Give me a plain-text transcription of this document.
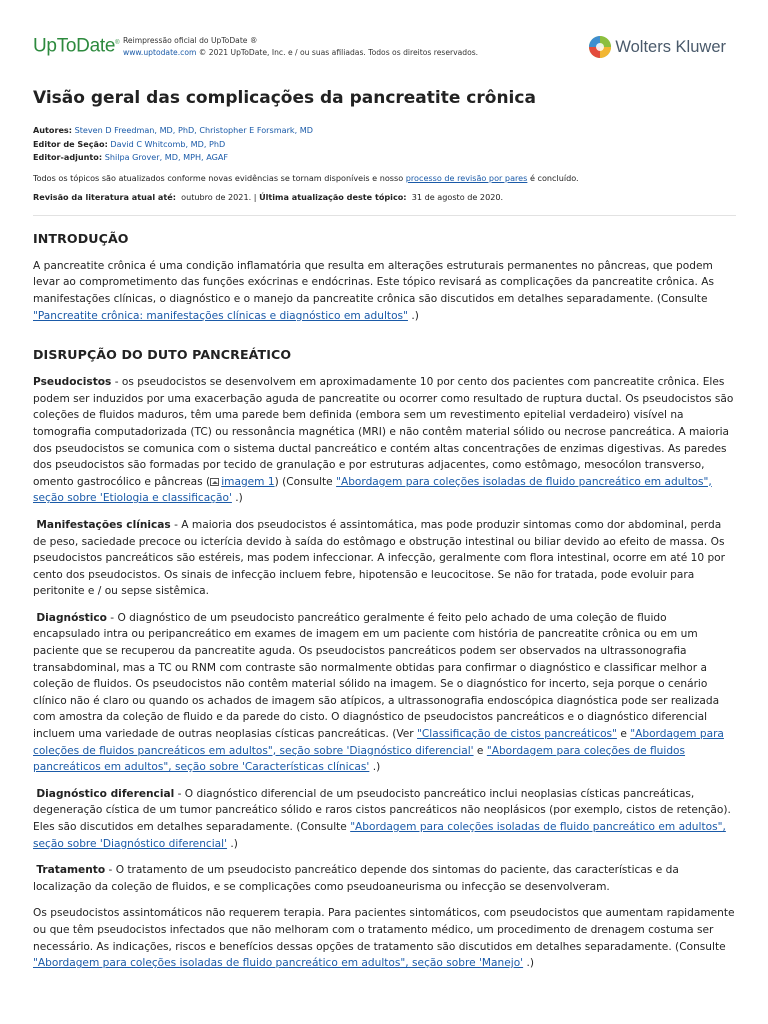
UpToDate® Reimpressão oficial do UpToDate ®
www.uptodate.com © 2021 UpToDate, Inc. e / ou suas afiliadas. Todos os direitos reservados.	Wolters Kluwer
Visão geral das complicações da pancreatite crônica
Autores: Steven D Freedman, MD, PhD, Christopher E Forsmark, MD
Editor de Seção: David C Whitcomb, MD, PhD
Editor-adjunto: Shilpa Grover, MD, MPH, AGAF
Todos os tópicos são atualizados conforme novas evidências se tornam disponíveis e nosso processo de revisão por pares é concluído.
Revisão da literatura atual até: outubro de 2021. | Última atualização deste tópico: 31 de agosto de 2020.
INTRODUÇÃO

A pancreatite crônica é uma condição inflamatória que resulta em alterações estruturais permanentes no pâncreas, que podem levar ao comprometimento das funções exócrinas e endócrinas. Este tópico revisará as complicações da pancreatite crônica. As manifestações clínicas, o diagnóstico e o manejo da pancreatite crônica são discutidos em detalhes separadamente. (Consulte "Pancreatite crônica: manifestações clínicas e diagnóstico em adultos" .)

DISRUPÇÃO DO DUTO PANCREÁTICO

Pseudocistos - os pseudocistos se desenvolvem em aproximadamente 10 por cento dos pacientes com pancreatite crônica. Eles podem ser induzidos por uma exacerbação aguda de pancreatite ou ocorrer como resultado de ruptura ductal. Os pseudocistos são coleções de fluidos maduros, têm uma parede bem definida (embora sem um revestimento epitelial verdadeiro) visível na tomografia computadorizada (TC) ou ressonância magnética (MRI) e não contêm material sólido ou necrose pancreática. A maioria dos pseudocistos se comunica com o sistema ductal pancreático e contém altas concentrações de enzimas digestivas. As paredes dos pseudocistos são formadas por tecido de granulação e por estruturas adjacentes, como estômago, mesocólon transverso, omento gastrocólico e pâncreas ( imagem 1) (Consulte "Abordagem para coleções isoladas de fluido pancreático em adultos", seção sobre 'Etiologia e classificação' .)

Manifestações clínicas - A maioria dos pseudocistos é assintomática, mas pode produzir sintomas como dor abdominal, perda de peso, saciedade precoce ou icterícia devido à saída do estômago e obstrução intestinal ou biliar devido ao efeito de massa. Os pseudocistos pancreáticos são estéreis, mas podem infeccionar. A infecção, geralmente com flora intestinal, ocorre em até 10 por cento dos pseudocistos. Os sinais de infecção incluem febre, hipotensão e leucocitose. Se não for tratada, pode evoluir para peritonite e / ou sepse sistêmica.

Diagnóstico - O diagnóstico de um pseudocisto pancreático geralmente é feito pelo achado de uma coleção de fluido encapsulado intra ou peripancreático em exames de imagem em um paciente com história de pancreatite crônica ou em um paciente que se recuperou da pancreatite aguda. Os pseudocistos pancreáticos podem ser observados na ultrassonografia transabdominal, mas a TC ou RNM com contraste são normalmente obtidas para confirmar o diagnóstico e classificar melhor a coleção de fluidos. Os pseudocistos não contêm material sólido na imagem. Se o diagnóstico for incerto, seja porque o cenário clínico não é claro ou quando os achados de imagem são atípicos, a ultrassonografia endoscópica diagnóstica pode ser realizada com amostra da coleção de fluido e da parede do cisto. O diagnóstico de pseudocistos pancreáticos e o diagnóstico diferencial incluem uma variedade de outras neoplasias císticas pancreáticas. (Ver "Classificação de cistos pancreáticos" e "Abordagem para coleções de fluidos pancreáticos em adultos", seção sobre 'Diagnóstico diferencial' e "Abordagem para coleções de fluidos pancreáticos em adultos", seção sobre 'Características clínicas' .)

Diagnóstico diferencial - O diagnóstico diferencial de um pseudocisto pancreático inclui neoplasias císticas pancreáticas, degeneração cística de um tumor pancreático sólido e raros cistos pancreáticos não neoplásicos (por exemplo, cistos de retenção). Eles são discutidos em detalhes separadamente. (Consulte "Abordagem para coleções isoladas de fluido pancreático em adultos", seção sobre 'Diagnóstico diferencial' .)

Tratamento - O tratamento de um pseudocisto pancreático depende dos sintomas do paciente, das características e da localização da coleção de fluidos, e se complicações como pseudoaneurisma ou infecção se desenvolveram.

Os pseudocistos assintomáticos não requerem terapia. Para pacientes sintomáticos, com pseudocistos que aumentam rapidamente ou que têm pseudocistos infectados que não melhoram com o tratamento médico, um procedimento de drenagem costuma ser necessário. As indicações, riscos e benefícios dessas opções de tratamento são discutidos em detalhes separadamente. (Consulte "Abordagem para coleções isoladas de fluido pancreático em adultos", seção sobre 'Manejo' .)
